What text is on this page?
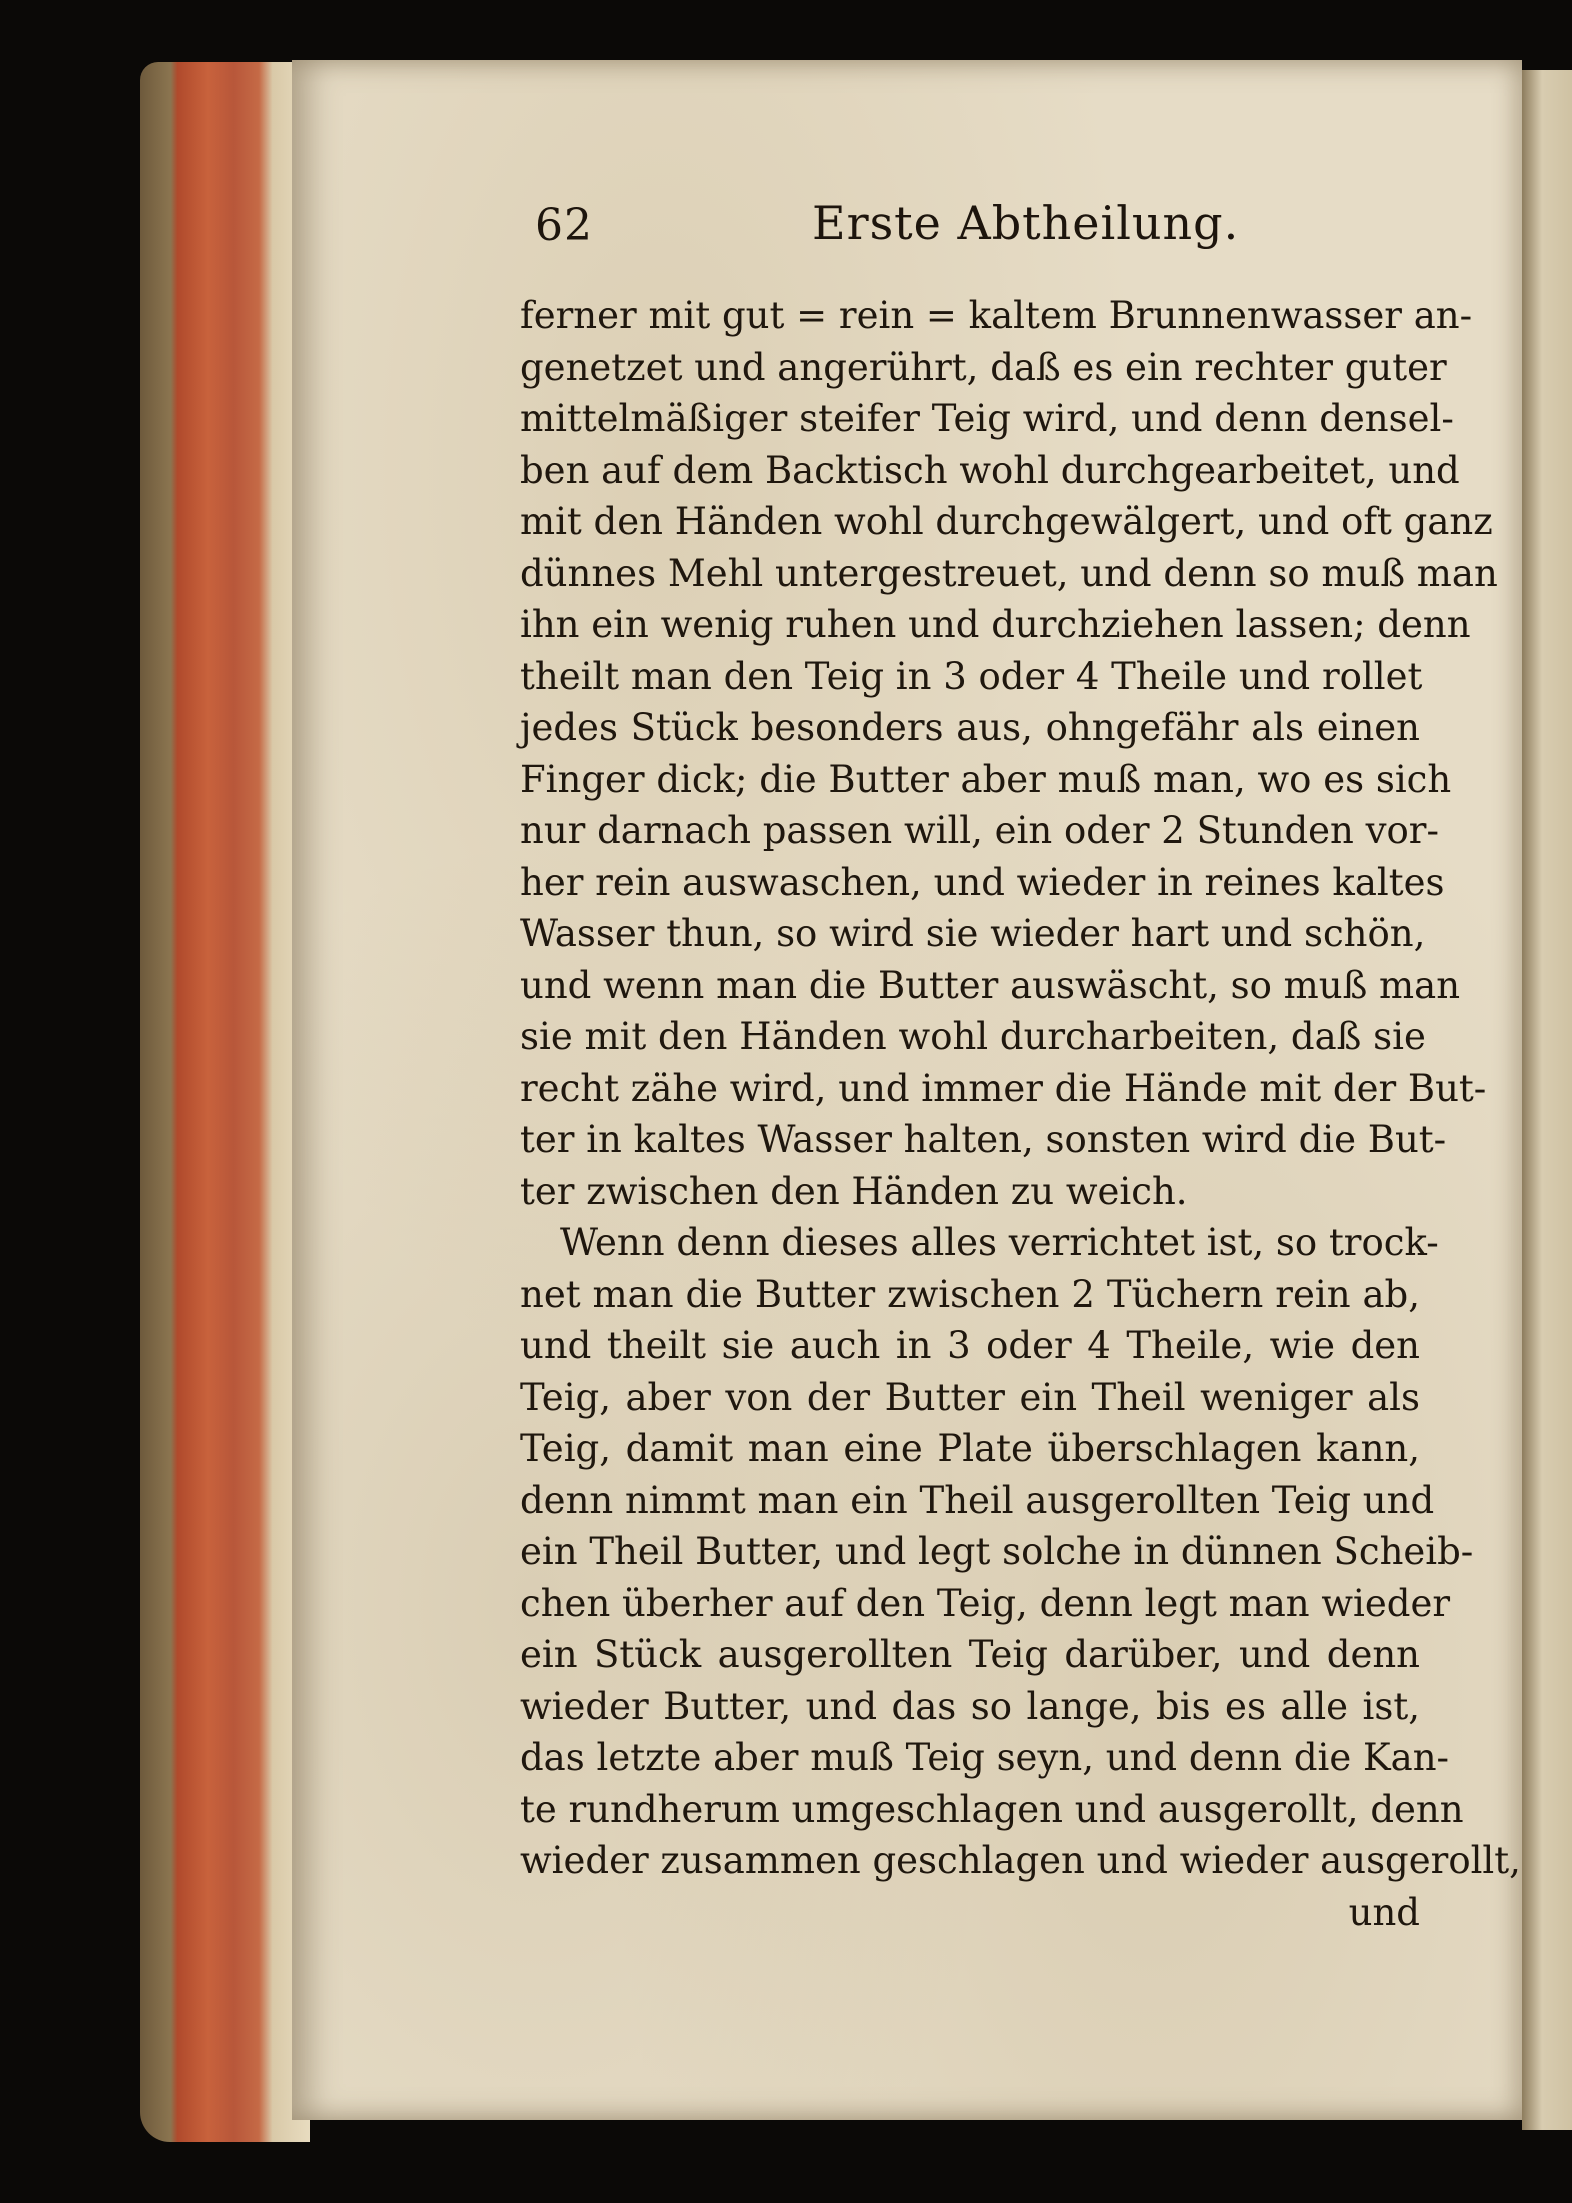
62	Erste Abtheilung.
ferner mit gut = rein = kaltem Brunnenwasser an-
genetzet und angerührt, daß es ein rechter guter
mittelmäßiger steifer Teig wird, und denn densel-
ben auf dem Backtisch wohl durchgearbeitet, und
mit den Händen wohl durchgewälgert, und oft ganz
dünnes Mehl untergestreuet, und denn so muß man
ihn ein wenig ruhen und durchziehen lassen; denn
theilt man den Teig in 3 oder 4 Theile und rollet
jedes Stück besonders aus, ohngefähr als einen
Finger dick; die Butter aber muß man, wo es sich
nur darnach passen will, ein oder 2 Stunden vor-
her rein auswaschen, und wieder in reines kaltes
Wasser thun, so wird sie wieder hart und schön,
und wenn man die Butter auswäscht, so muß man
sie mit den Händen wohl durcharbeiten, daß sie
recht zähe wird, und immer die Hände mit der But-
ter in kaltes Wasser halten, sonsten wird die But-
ter zwischen den Händen zu weich.
Wenn denn dieses alles verrichtet ist, so trock-
net man die Butter zwischen 2 Tüchern rein ab,
und theilt sie auch in 3 oder 4 Theile, wie den
Teig, aber von der Butter ein Theil weniger als
Teig, damit man eine Plate überschlagen kann,
denn nimmt man ein Theil ausgerollten Teig und
ein Theil Butter, und legt solche in dünnen Scheib-
chen überher auf den Teig, denn legt man wieder
ein Stück ausgerollten Teig darüber, und denn
wieder Butter, und das so lange, bis es alle ist,
das letzte aber muß Teig seyn, und denn die Kan-
te rundherum umgeschlagen und ausgerollt, denn
wieder zusammen geschlagen und wieder ausgerollt,
und
